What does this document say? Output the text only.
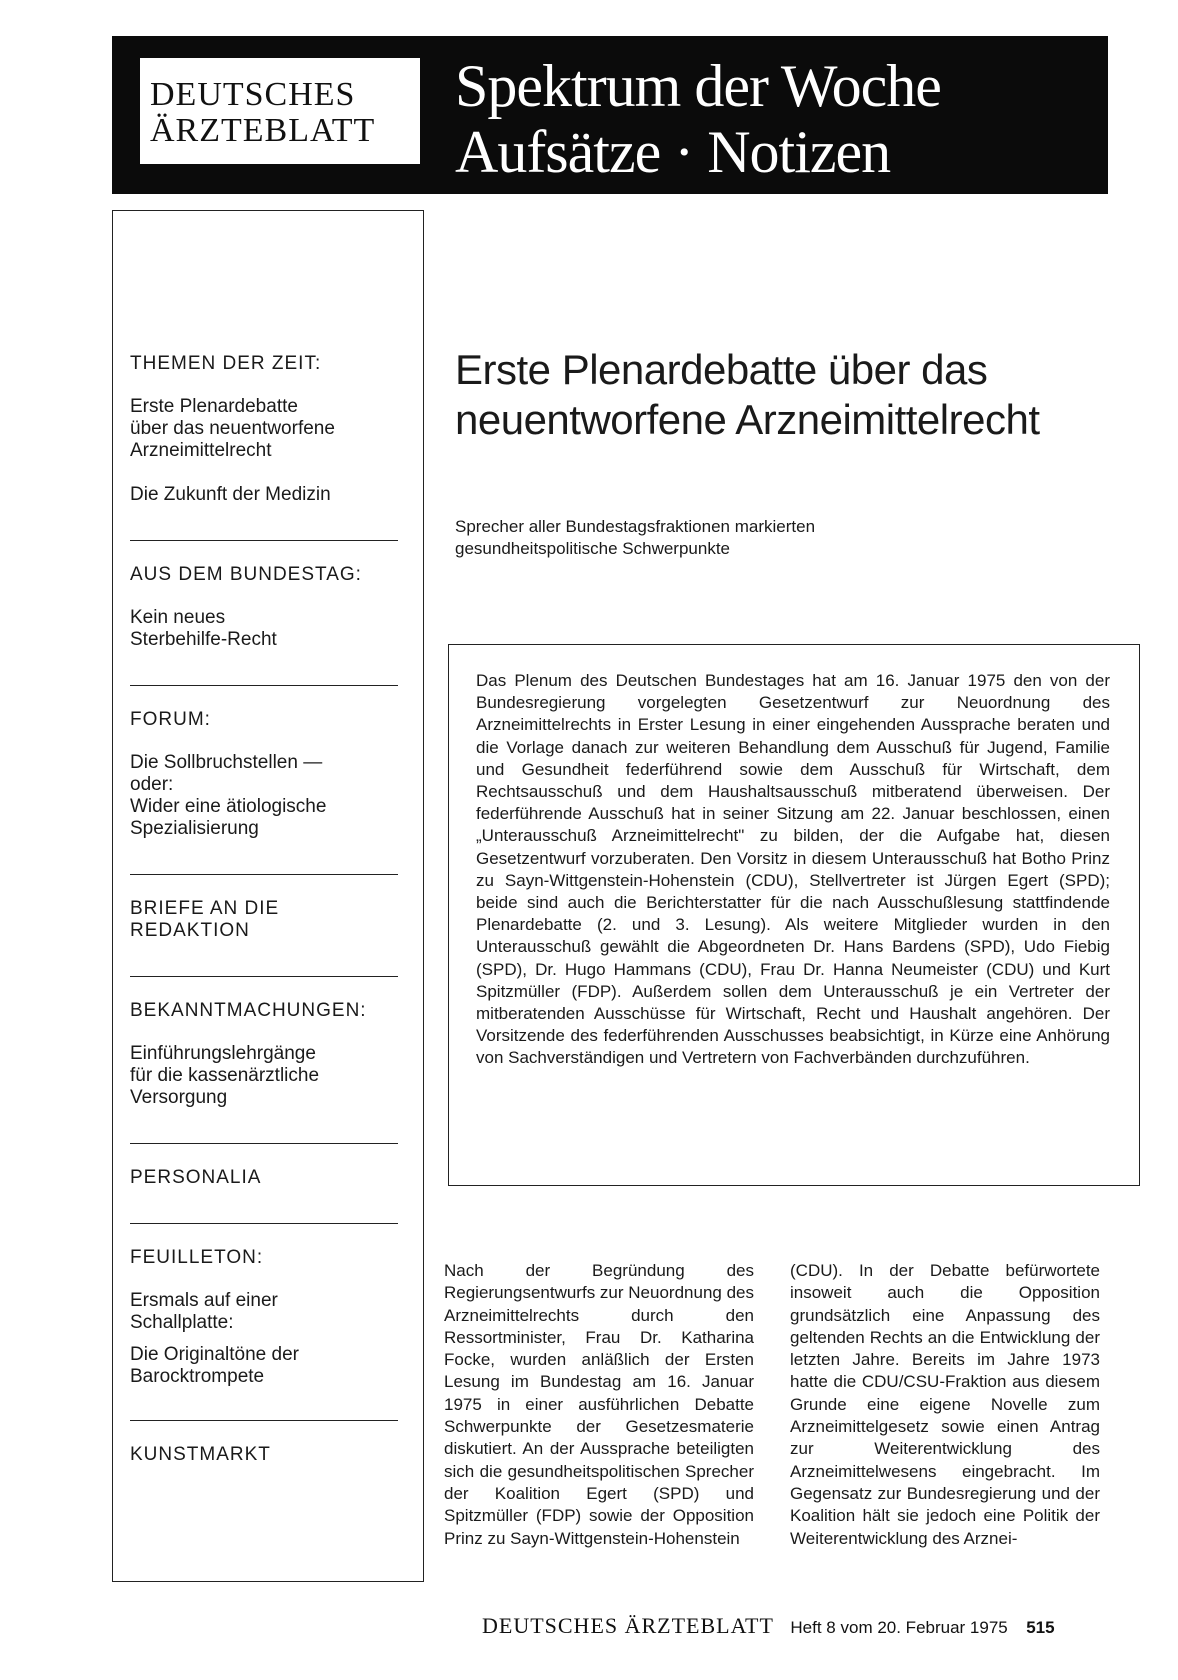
DEUTSCHES
ÄRZTEBLATT
Spektrum der Woche
Aufsätze · Notizen
THEMEN DER ZEIT:
Erste Plenardebatte
über das neuentworfene
Arzneimittelrecht
Die Zukunft der Medizin
AUS DEM BUNDESTAG:
Kein neues
Sterbehilfe-Recht
FORUM:
Die Sollbruchstellen —
oder:
Wider eine ätiologische
Spezialisierung
BRIEFE AN DIE
REDAKTION
BEKANNTMACHUNGEN:
Einführungslehrgänge
für die kassenärztliche
Versorgung
PERSONALIA
FEUILLETON:
Ersmals auf einer
Schallplatte:
Die Originaltöne der
Barocktrompete
KUNSTMARKT
Erste Plenardebatte über das
neuentworfene Arzneimittelrecht
Sprecher aller Bundestagsfraktionen markierten
gesundheitspolitische Schwerpunkte
Das Plenum des Deutschen Bundestages hat am 16. Januar 1975 den von der Bundesregierung vorgelegten Gesetzentwurf zur Neuordnung des Arzneimittelrechts in Erster Lesung in einer eingehenden Aussprache beraten und die Vorlage danach zur weiteren Behandlung dem Ausschuß für Jugend, Familie und Gesundheit federführend sowie dem Ausschuß für Wirtschaft, dem Rechtsausschuß und dem Haushaltsausschuß mitberatend überweisen. Der federführende Ausschuß hat in seiner Sitzung am 22. Januar beschlossen, einen „Unterausschuß Arzneimittelrecht" zu bilden, der die Aufgabe hat, diesen Gesetzentwurf vorzuberaten. Den Vorsitz in diesem Unterausschuß hat Botho Prinz zu Sayn-Wittgenstein-Hohenstein (CDU), Stellvertreter ist Jürgen Egert (SPD); beide sind auch die Berichterstatter für die nach Ausschußlesung stattfindende Plenardebatte (2. und 3. Lesung). Als weitere Mitglieder wurden in den Unterausschuß gewählt die Abgeordneten Dr. Hans Bardens (SPD), Udo Fiebig (SPD), Dr. Hugo Hammans (CDU), Frau Dr. Hanna Neumeister (CDU) und Kurt Spitzmüller (FDP). Außerdem sollen dem Unterausschuß je ein Vertreter der mitberatenden Ausschüsse für Wirtschaft, Recht und Haushalt angehören. Der Vorsitzende des federführenden Ausschusses beabsichtigt, in Kürze eine Anhörung von Sachverständigen und Vertretern von Fachverbänden durchzuführen.
Nach der Begründung des Regierungsentwurfs zur Neuordnung des Arzneimittelrechts durch den Ressortminister, Frau Dr. Katharina Focke, wurden anläßlich der Ersten Lesung im Bundestag am 16. Januar 1975 in einer ausführlichen Debatte Schwerpunkte der Gesetzesmaterie diskutiert. An der Aussprache beteiligten sich die gesundheitspolitischen Sprecher der Koalition Egert (SPD) und Spitzmüller (FDP) sowie der Opposition Prinz zu Sayn-Wittgenstein-Hohenstein
(CDU). In der Debatte befürwortete insoweit auch die Opposition grundsätzlich eine Anpassung des geltenden Rechts an die Entwicklung der letzten Jahre. Bereits im Jahre 1973 hatte die CDU/CSU-Fraktion aus diesem Grunde eine eigene Novelle zum Arzneimittelgesetz sowie einen Antrag zur Weiterentwicklung des Arzneimittelwesens eingebracht. Im Gegensatz zur Bundesregierung und der Koalition hält sie jedoch eine Politik der Weiterentwicklung des Arznei-
DEUTSCHES ÄRZTEBLATT Heft 8 vom 20. Februar 1975 515
